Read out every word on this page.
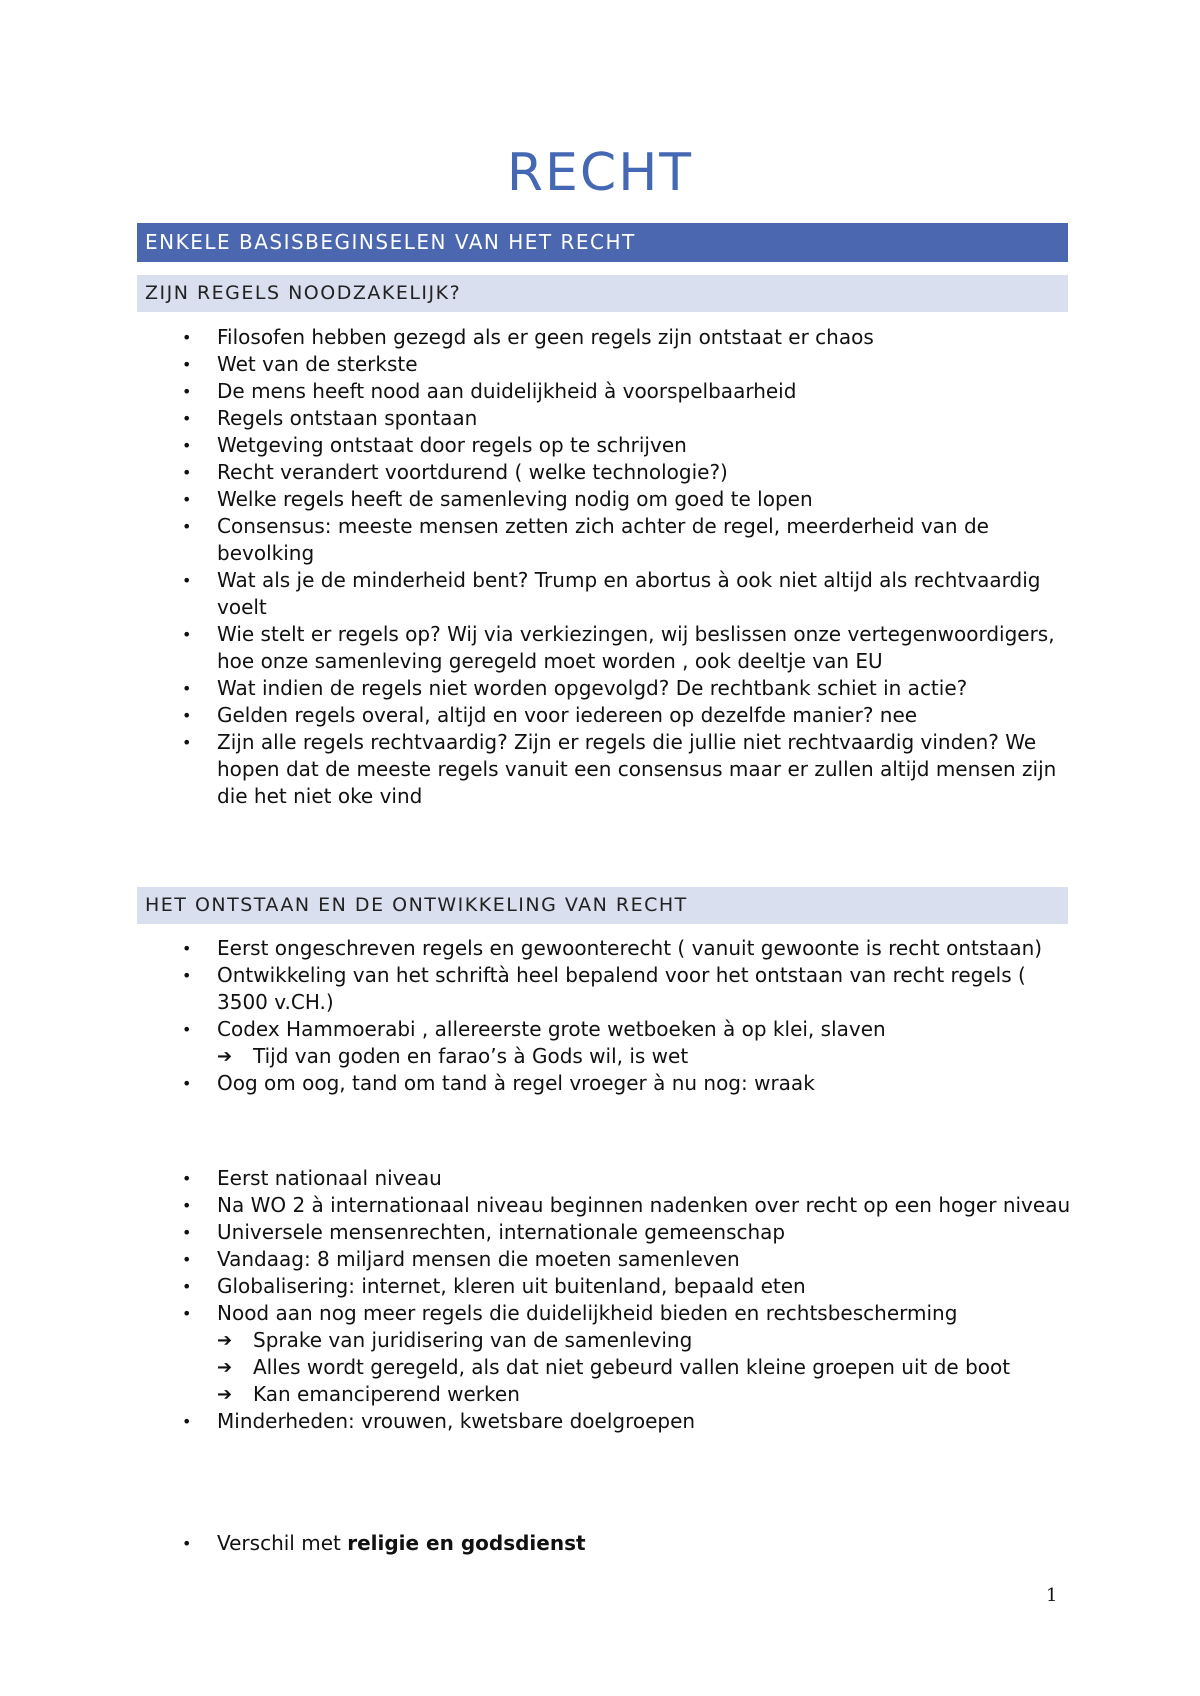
RECHT
ENKELE BASISBEGINSELEN VAN HET RECHT
ZIJN REGELS NOODZAKELIJK?
• Filosofen hebben gezegd als er geen regels zijn ontstaat er chaos
• Wet van de sterkste
• De mens heeft nood aan duidelijkheid à voorspelbaarheid
• Regels ontstaan spontaan
• Wetgeving ontstaat door regels op te schrijven
• Recht verandert voortdurend ( welke technologie?)
• Welke regels heeft de samenleving nodig om goed te lopen
• Consensus: meeste mensen zetten zich achter de regel, meerderheid van de bevolking
• Wat als je de minderheid bent? Trump en abortus à ook niet altijd als rechtvaardig voelt
• Wie stelt er regels op? Wij via verkiezingen, wij beslissen onze vertegenwoordigers, hoe onze samenleving geregeld moet worden , ook deeltje van EU
• Wat indien de regels niet worden opgevolgd? De rechtbank schiet in actie?
• Gelden regels overal, altijd en voor iedereen op dezelfde manier? nee
• Zijn alle regels rechtvaardig? Zijn er regels die jullie niet rechtvaardig vinden? We hopen dat de meeste regels vanuit een consensus maar er zullen altijd mensen zijn die het niet oke vind
HET ONTSTAAN EN DE ONTWIKKELING VAN RECHT
• Eerst ongeschreven regels en gewoonterecht ( vanuit gewoonte is recht ontstaan)
• Ontwikkeling van het schriftà heel bepalend voor het ontstaan van recht regels ( 3500 v.CH.)
• Codex Hammoerabi , allereerste grote wetboeken à op klei, slaven
➔ Tijd van goden en farao’s à Gods wil, is wet
• Oog om oog, tand om tand à regel vroeger à nu nog: wraak
• Eerst nationaal niveau
• Na WO 2 à internationaal niveau beginnen nadenken over recht op een hoger niveau
• Universele mensenrechten, internationale gemeenschap
• Vandaag: 8 miljard mensen die moeten samenleven
• Globalisering: internet, kleren uit buitenland, bepaald eten
• Nood aan nog meer regels die duidelijkheid bieden en rechtsbescherming
➔ Sprake van juridisering van de samenleving
➔ Alles wordt geregeld, als dat niet gebeurd vallen kleine groepen uit de boot
➔ Kan emanciperend werken
• Minderheden: vrouwen, kwetsbare doelgroepen
• Verschil met religie en godsdienst
1
